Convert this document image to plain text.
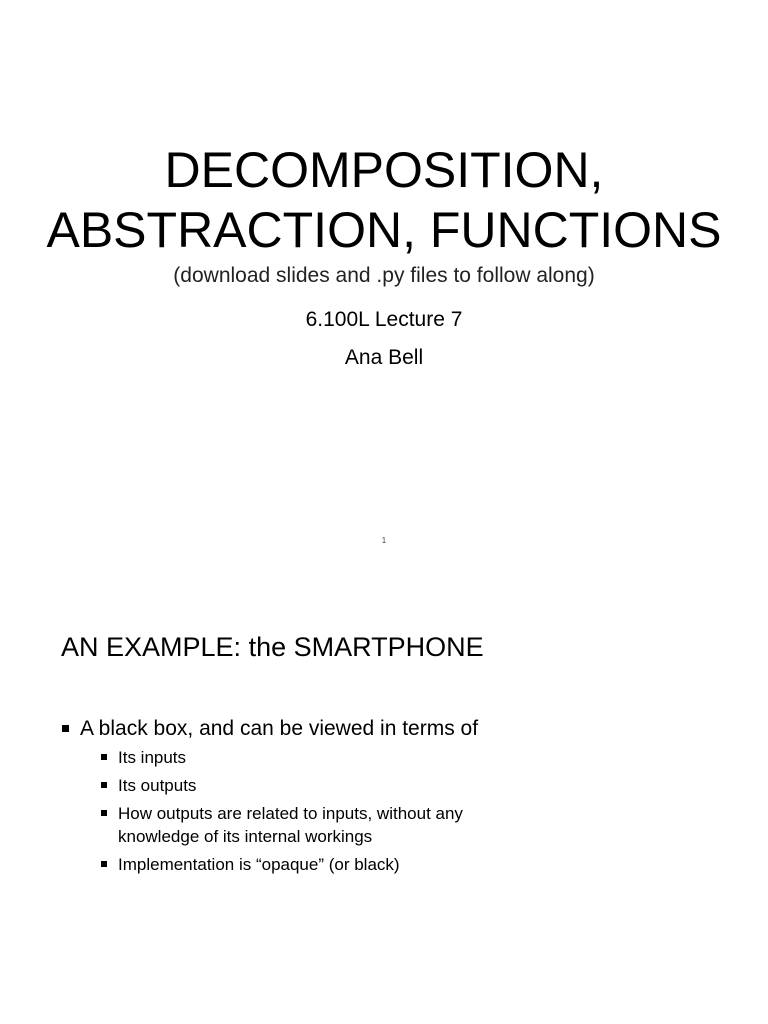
DECOMPOSITION,
ABSTRACTION, FUNCTIONS
(download slides and .py files to follow along)
6.100L Lecture 7
Ana Bell
1
AN EXAMPLE: the SMARTPHONE
A black box, and can be viewed in terms of
Its inputs
Its outputs
How outputs are related to inputs, without any knowledge of its internal workings
Implementation is “opaque” (or black)
